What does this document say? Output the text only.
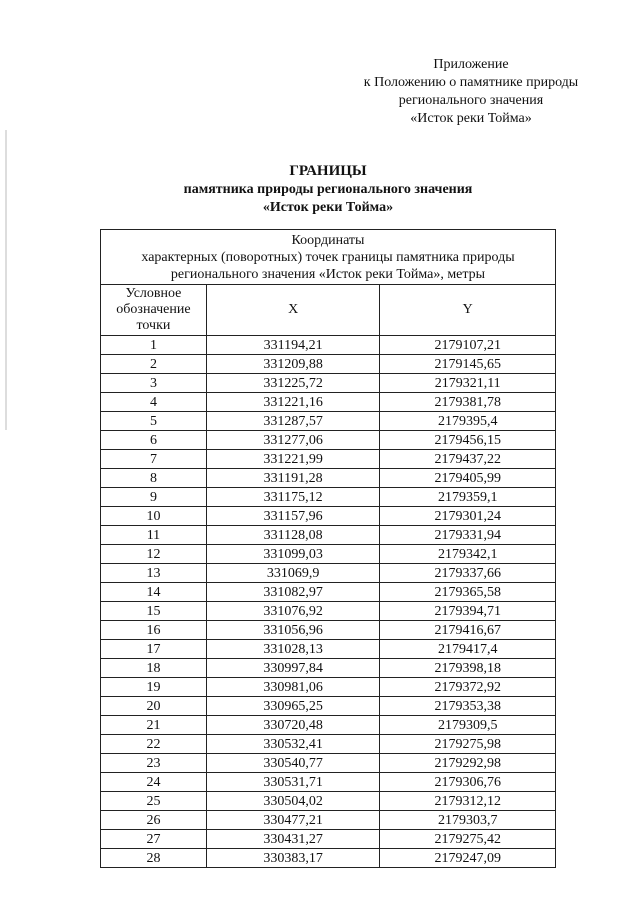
Приложение
к Положению о памятнике природы
регионального значения
«Исток реки Тойма»
ГРАНИЦЫ
памятника природы регионального значения
«Исток реки Тойма»
Координаты
характерных (поворотных) точек границы памятника природы
регионального значения «Исток реки Тойма», метры		

Условное
обозначение
точки	X	Y
1	331194,21	2179107,21
2	331209,88	2179145,65
3	331225,72	2179321,11
4	331221,16	2179381,78
5	331287,57	2179395,4
6	331277,06	2179456,15
7	331221,99	2179437,22
8	331191,28	2179405,99
9	331175,12	2179359,1
10	331157,96	2179301,24
11	331128,08	2179331,94
12	331099,03	2179342,1
13	331069,9	2179337,66
14	331082,97	2179365,58
15	331076,92	2179394,71
16	331056,96	2179416,67
17	331028,13	2179417,4
18	330997,84	2179398,18
19	330981,06	2179372,92
20	330965,25	2179353,38
21	330720,48	2179309,5
22	330532,41	2179275,98
23	330540,77	2179292,98
24	330531,71	2179306,76
25	330504,02	2179312,12
26	330477,21	2179303,7
27	330431,27	2179275,42
28	330383,17	2179247,09
